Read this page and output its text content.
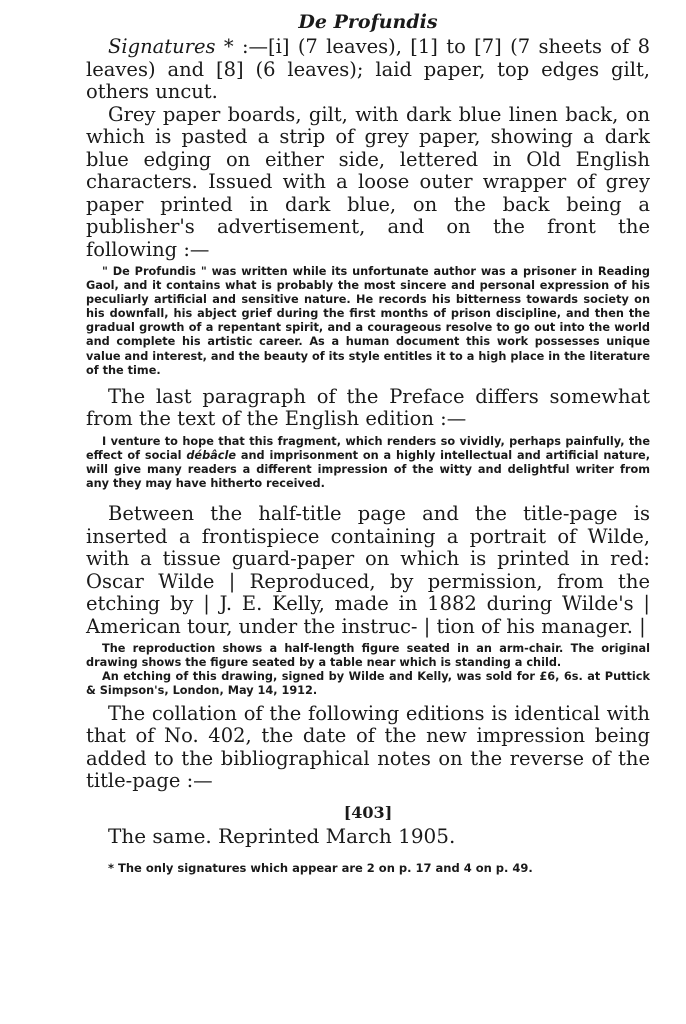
De Profundis

Signatures * :—[i] (7 leaves), [1] to [7] (7 sheets of 8 leaves) and [8] (6 leaves); laid paper, top edges gilt, others uncut.

Grey paper boards, gilt, with dark blue linen back, on which is pasted a strip of grey paper, showing a dark blue edging on either side, lettered in Old English characters. Issued with a loose outer wrapper of grey paper printed in dark blue, on the back being a publisher's advertisement, and on the front the following :—

" De Profundis " was written while its unfortunate author was a prisoner in Reading Gaol, and it contains what is probably the most sincere and personal expression of his peculiarly artificial and sensitive nature. He records his bitterness towards society on his downfall, his abject grief during the first months of prison discipline, and then the gradual growth of a repentant spirit, and a courageous resolve to go out into the world and complete his artistic career. As a human document this work possesses unique value and interest, and the beauty of its style entitles it to a high place in the literature of the time.

The last paragraph of the Preface differs somewhat from the text of the English edition :—

I venture to hope that this fragment, which renders so vividly, perhaps painfully, the effect of social débâcle and imprisonment on a highly intellectual and artificial nature, will give many readers a different impression of the witty and delightful writer from any they may have hitherto received.

Between the half-title page and the title-page is inserted a frontispiece containing a portrait of Wilde, with a tissue guard-paper on which is printed in red: Oscar Wilde | Reproduced, by permission, from the etching by | J. E. Kelly, made in 1882 during Wilde's | American tour, under the instruc- | tion of his manager. |

The reproduction shows a half-length figure seated in an arm-chair. The original drawing shows the figure seated by a table near which is standing a child.

An etching of this drawing, signed by Wilde and Kelly, was sold for £6, 6s. at Puttick & Simpson's, London, May 14, 1912.

The collation of the following editions is identical with that of No. 402, the date of the new impression being added to the bibliographical notes on the reverse of the title-page :—

[403]

The same. Reprinted March 1905.

* The only signatures which appear are 2 on p. 17 and 4 on p. 49.
